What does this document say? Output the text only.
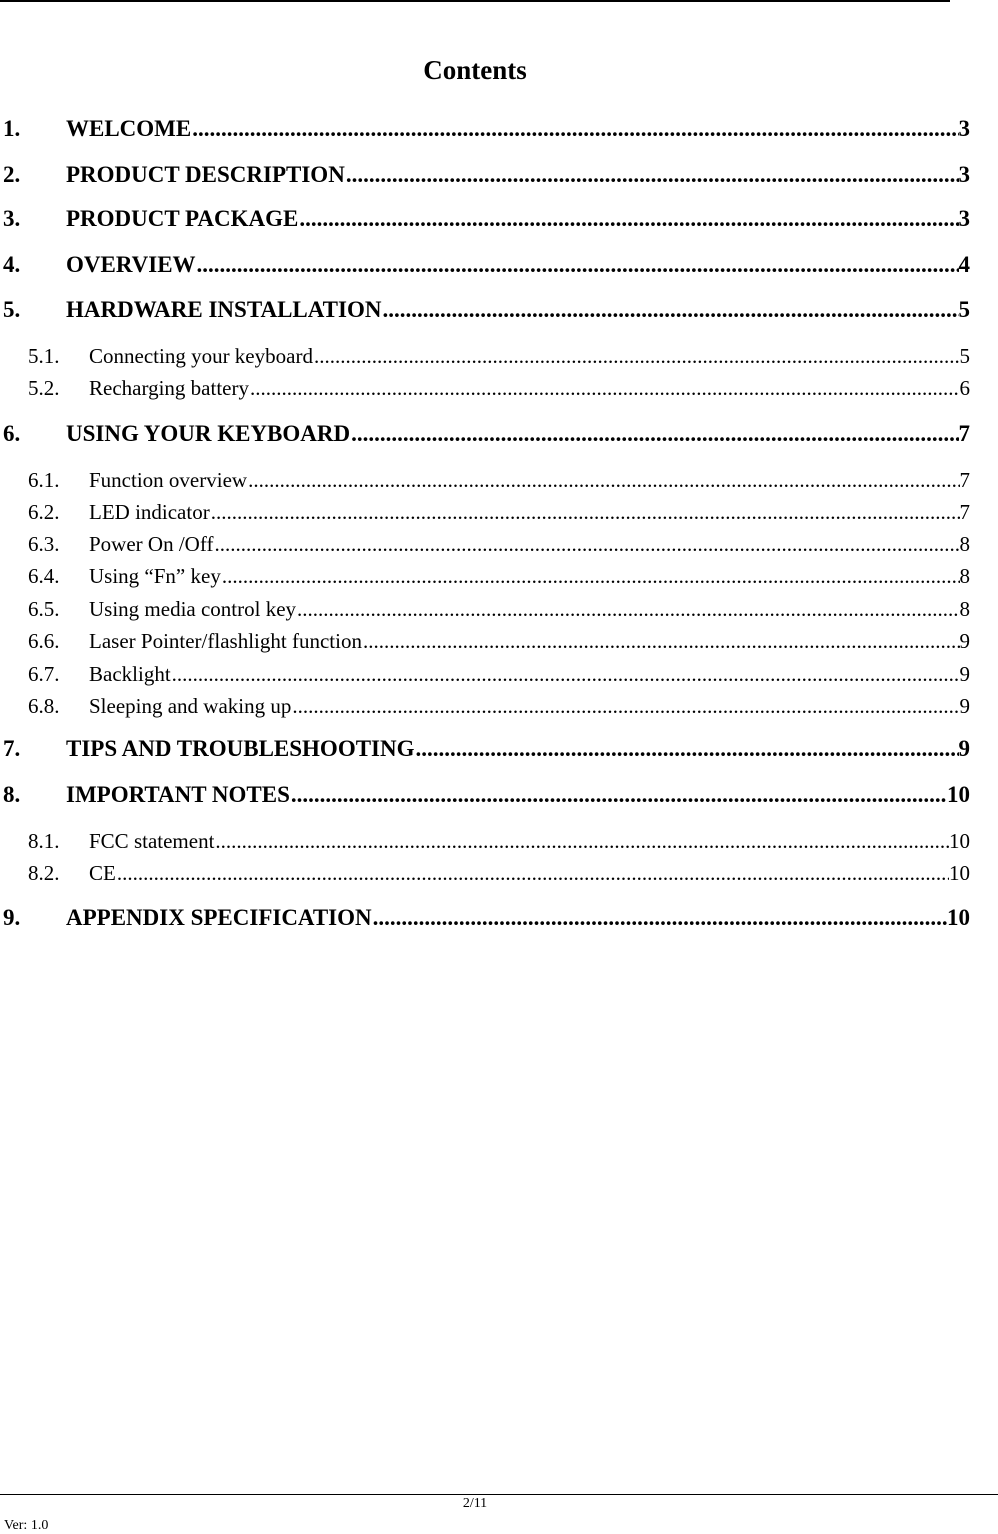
Contents
1.	WELCOME .....	3
2.	PRODUCT DESCRIPTION .....	3
3.	PRODUCT PACKAGE .....	3
4.	OVERVIEW .....	4
5.	HARDWARE INSTALLATION .....	5
5.1.	Connecting your keyboard .....	5
5.2.	Recharging battery .....	6
6.	USING YOUR KEYBOARD .....	7
6.1.	Function overview .....	7
6.2.	LED indicator .....	7
6.3.	Power On /Off .....	8
6.4.	Using “Fn” key .....	8
6.5.	Using media control key .....	8
6.6.	Laser Pointer/flashlight function .....	9
6.7.	Backlight .....	9
6.8.	Sleeping and waking up .....	9
7.	TIPS AND TROUBLESHOOTING .....	9
8.	IMPORTANT NOTES .....	10
8.1.	FCC statement .....	10
8.2.	CE .....	10
9.	APPENDIX SPECIFICATION .....	10
2/11
Ver: 1.0
